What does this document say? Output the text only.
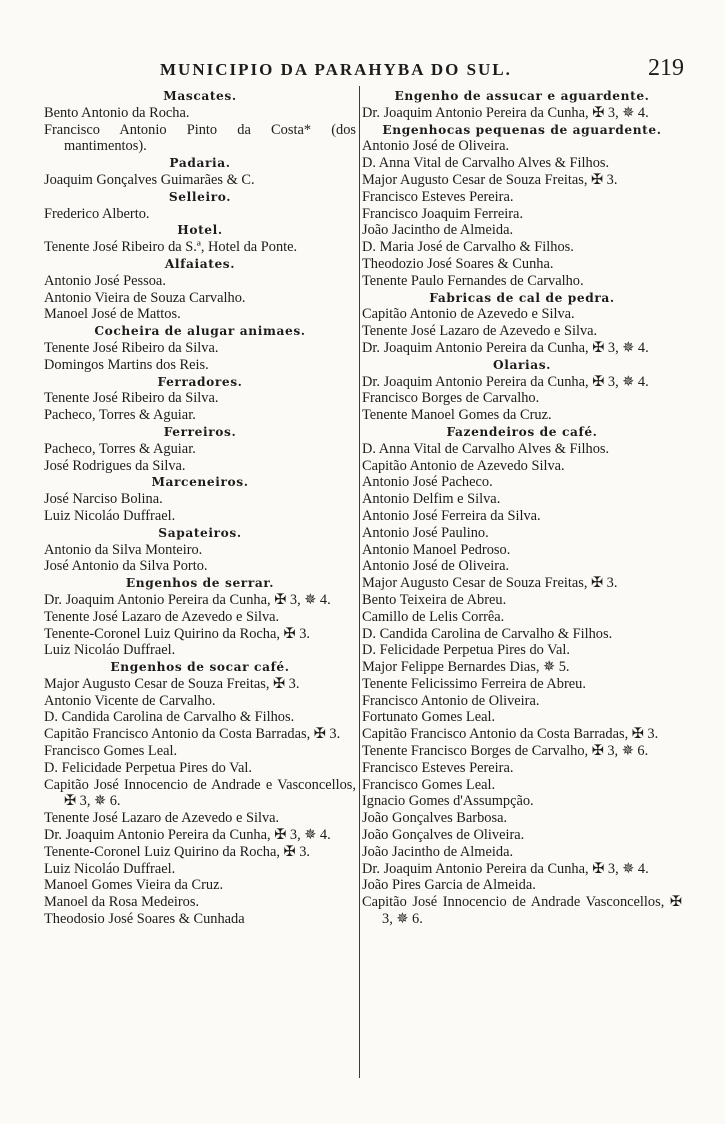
MUNICIPIO DA PARAHYBA DO SUL.	219
Mascates.
Bento Antonio da Rocha.
Francisco Antonio Pinto da Costa* (dos mantimentos).
Padaria.
Joaquim Gonçalves Guimarães & C.
Selleiro.
Frederico Alberto.
Hotel.
Tenente José Ribeiro da S.ª, Hotel da Ponte.
Alfaiates.
Antonio José Pessoa.
Antonio Vieira de Souza Carvalho.
Manoel José de Mattos.
Cocheira de alugar animaes.
Tenente José Ribeiro da Silva.
Domingos Martins dos Reis.
Ferradores.
Tenente José Ribeiro da Silva.
Pacheco, Torres & Aguiar.
Ferreiros.
Pacheco, Torres & Aguiar.
José Rodrigues da Silva.
Marceneiros.
José Narciso Bolina.
Luiz Nicoláo Duffrael.
Sapateiros.
Antonio da Silva Monteiro.
José Antonio da Silva Porto.
Engenhos de serrar.
Dr. Joaquim Antonio Pereira da Cunha, ✠ 3, ✵ 4.
Tenente José Lazaro de Azevedo e Silva.
Tenente-Coronel Luiz Quirino da Rocha, ✠ 3.
Luiz Nicoláo Duffrael.
Engenhos de socar café.
Major Augusto Cesar de Souza Freitas, ✠ 3.
Antonio Vicente de Carvalho.
D. Candida Carolina de Carvalho & Filhos.
Capitão Francisco Antonio da Costa Barradas, ✠ 3.
Francisco Gomes Leal.
D. Felicidade Perpetua Pires do Val.
Capitão José Innocencio de Andrade e Vasconcellos, ✠ 3, ✵ 6.
Tenente José Lazaro de Azevedo e Silva.
Dr. Joaquim Antonio Pereira da Cunha, ✠ 3, ✵ 4.
Tenente-Coronel Luiz Quirino da Rocha, ✠ 3.
Luiz Nicoláo Duffrael.
Manoel Gomes Vieira da Cruz.
Manoel da Rosa Medeiros.
Theodosio José Soares & Cunhada
Engenho de assucar e aguardente.
Dr. Joaquim Antonio Pereira da Cunha, ✠ 3, ✵ 4.
Engenhocas pequenas de aguardente.
Antonio José de Oliveira.
D. Anna Vital de Carvalho Alves & Filhos.
Major Augusto Cesar de Souza Freitas, ✠ 3.
Francisco Esteves Pereira.
Francisco Joaquim Ferreira.
João Jacintho de Almeida.
D. Maria José de Carvalho & Filhos.
Theodozio José Soares & Cunha.
Tenente Paulo Fernandes de Carvalho.
Fabricas de cal de pedra.
Capitão Antonio de Azevedo e Silva.
Tenente José Lazaro de Azevedo e Silva.
Dr. Joaquim Antonio Pereira da Cunha, ✠ 3, ✵ 4.
Olarias.
Dr. Joaquim Antonio Pereira da Cunha, ✠ 3, ✵ 4.
Francisco Borges de Carvalho.
Tenente Manoel Gomes da Cruz.
Fazendeiros de café.
D. Anna Vital de Carvalho Alves & Filhos.
Capitão Antonio de Azevedo Silva.
Antonio José Pacheco.
Antonio Delfim e Silva.
Antonio José Ferreira da Silva.
Antonio José Paulino.
Antonio Manoel Pedroso.
Antonio José de Oliveira.
Major Augusto Cesar de Souza Freitas, ✠ 3.
Bento Teixeira de Abreu.
Camillo de Lelis Corrêa.
D. Candida Carolina de Carvalho & Filhos.
D. Felicidade Perpetua Pires do Val.
Major Felippe Bernardes Dias, ✵ 5.
Tenente Felicissimo Ferreira de Abreu.
Francisco Antonio de Oliveira.
Fortunato Gomes Leal.
Capitão Francisco Antonio da Costa Barradas, ✠ 3.
Tenente Francisco Borges de Carvalho, ✠ 3, ✵ 6.
Francisco Esteves Pereira.
Francisco Gomes Leal.
Ignacio Gomes d'Assumpção.
João Gonçalves Barbosa.
João Gonçalves de Oliveira.
João Jacintho de Almeida.
Dr. Joaquim Antonio Pereira da Cunha, ✠ 3, ✵ 4.
João Pires Garcia de Almeida.
Capitão José Innocencio de Andrade Vasconcellos, ✠ 3, ✵ 6.
